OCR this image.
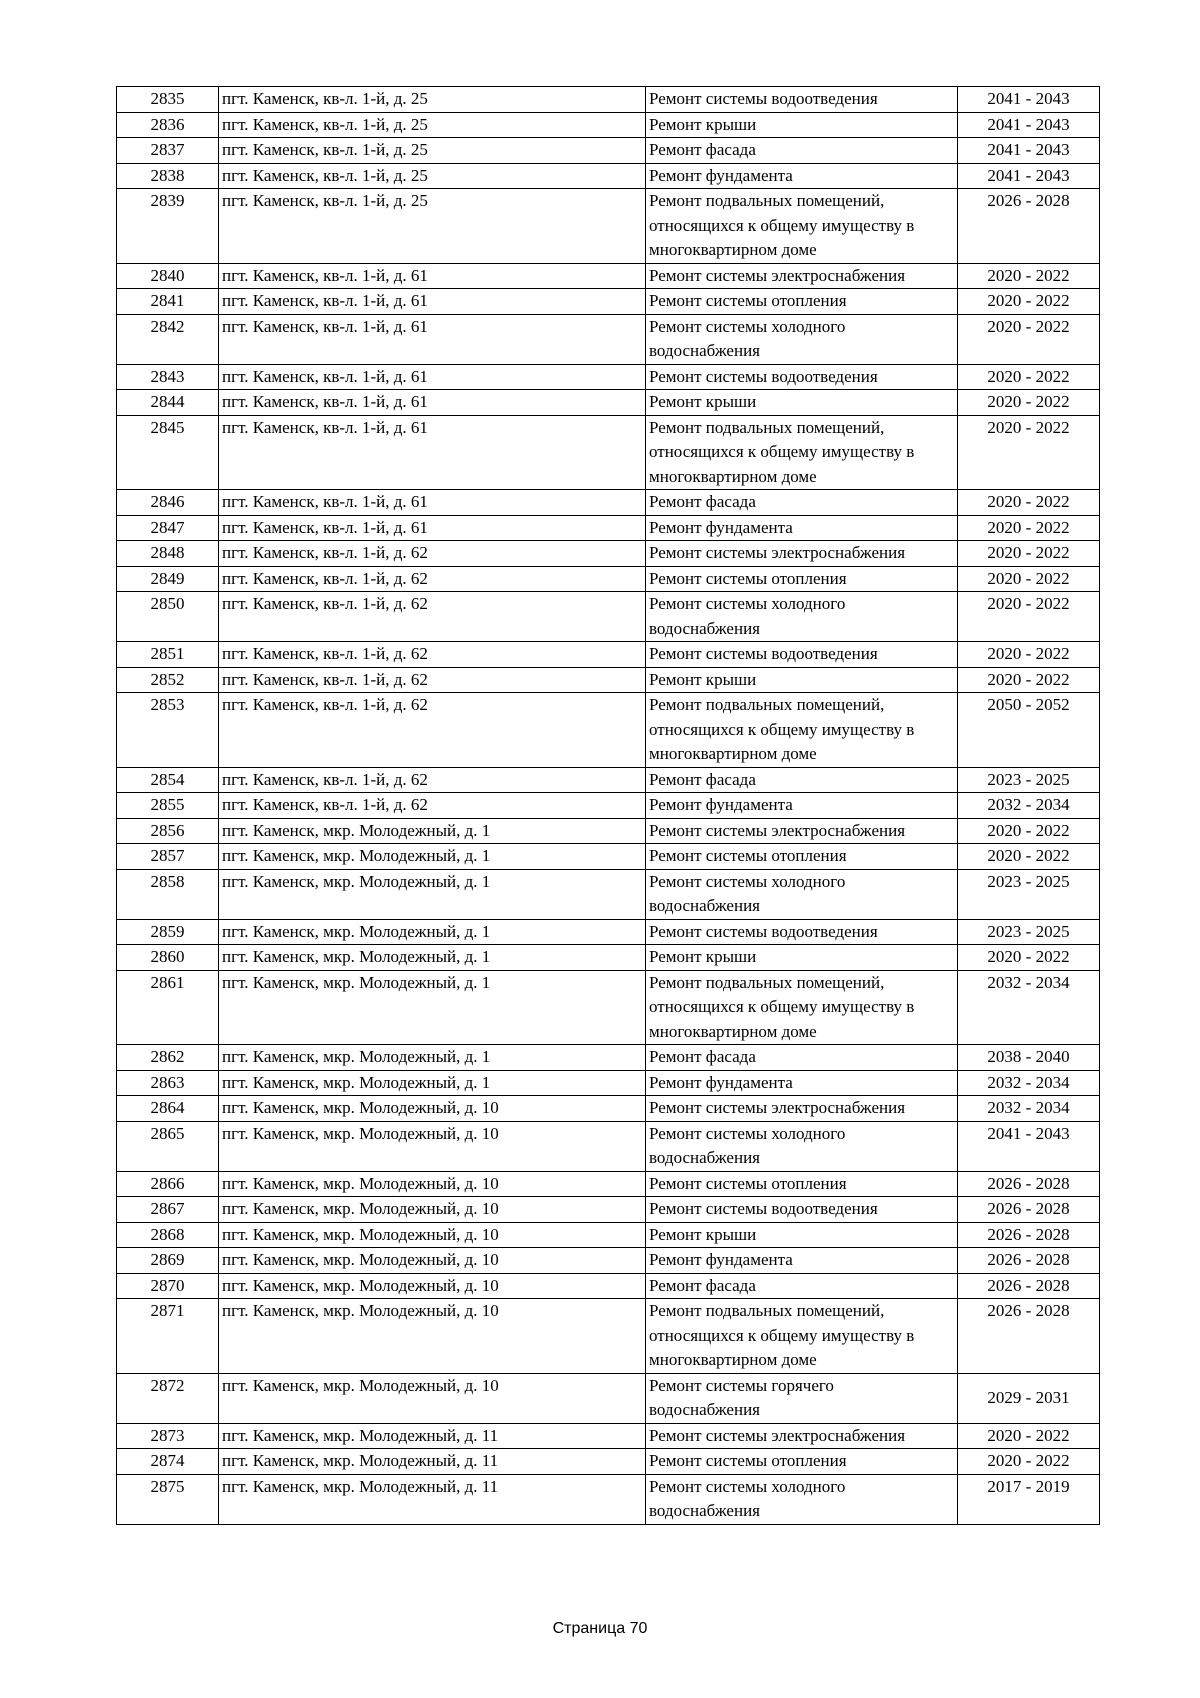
2835	пгт. Каменск, кв-л. 1-й, д. 25	Ремонт системы водоотведения	2041 - 2043
2836	пгт. Каменск, кв-л. 1-й, д. 25	Ремонт крыши	2041 - 2043
2837	пгт. Каменск, кв-л. 1-й, д. 25	Ремонт фасада	2041 - 2043
2838	пгт. Каменск, кв-л. 1-й, д. 25	Ремонт фундамента	2041 - 2043
2839	пгт. Каменск, кв-л. 1-й, д. 25	Ремонт подвальных помещений,
относящихся к общему имуществу в
многоквартирном доме	2026 - 2028
2840	пгт. Каменск, кв-л. 1-й, д. 61	Ремонт системы электроснабжения	2020 - 2022
2841	пгт. Каменск, кв-л. 1-й, д. 61	Ремонт системы отопления	2020 - 2022
2842	пгт. Каменск, кв-л. 1-й, д. 61	Ремонт системы холодного
водоснабжения	2020 - 2022
2843	пгт. Каменск, кв-л. 1-й, д. 61	Ремонт системы водоотведения	2020 - 2022
2844	пгт. Каменск, кв-л. 1-й, д. 61	Ремонт крыши	2020 - 2022
2845	пгт. Каменск, кв-л. 1-й, д. 61	Ремонт подвальных помещений,
относящихся к общему имуществу в
многоквартирном доме	2020 - 2022
2846	пгт. Каменск, кв-л. 1-й, д. 61	Ремонт фасада	2020 - 2022
2847	пгт. Каменск, кв-л. 1-й, д. 61	Ремонт фундамента	2020 - 2022
2848	пгт. Каменск, кв-л. 1-й, д. 62	Ремонт системы электроснабжения	2020 - 2022
2849	пгт. Каменск, кв-л. 1-й, д. 62	Ремонт системы отопления	2020 - 2022
2850	пгт. Каменск, кв-л. 1-й, д. 62	Ремонт системы холодного
водоснабжения	2020 - 2022
2851	пгт. Каменск, кв-л. 1-й, д. 62	Ремонт системы водоотведения	2020 - 2022
2852	пгт. Каменск, кв-л. 1-й, д. 62	Ремонт крыши	2020 - 2022
2853	пгт. Каменск, кв-л. 1-й, д. 62	Ремонт подвальных помещений,
относящихся к общему имуществу в
многоквартирном доме	2050 - 2052
2854	пгт. Каменск, кв-л. 1-й, д. 62	Ремонт фасада	2023 - 2025
2855	пгт. Каменск, кв-л. 1-й, д. 62	Ремонт фундамента	2032 - 2034
2856	пгт. Каменск, мкр. Молодежный, д. 1	Ремонт системы электроснабжения	2020 - 2022
2857	пгт. Каменск, мкр. Молодежный, д. 1	Ремонт системы отопления	2020 - 2022
2858	пгт. Каменск, мкр. Молодежный, д. 1	Ремонт системы холодного
водоснабжения	2023 - 2025
2859	пгт. Каменск, мкр. Молодежный, д. 1	Ремонт системы водоотведения	2023 - 2025
2860	пгт. Каменск, мкр. Молодежный, д. 1	Ремонт крыши	2020 - 2022
2861	пгт. Каменск, мкр. Молодежный, д. 1	Ремонт подвальных помещений,
относящихся к общему имуществу в
многоквартирном доме	2032 - 2034
2862	пгт. Каменск, мкр. Молодежный, д. 1	Ремонт фасада	2038 - 2040
2863	пгт. Каменск, мкр. Молодежный, д. 1	Ремонт фундамента	2032 - 2034
2864	пгт. Каменск, мкр. Молодежный, д. 10	Ремонт системы электроснабжения	2032 - 2034
2865	пгт. Каменск, мкр. Молодежный, д. 10	Ремонт системы холодного
водоснабжения	2041 - 2043
2866	пгт. Каменск, мкр. Молодежный, д. 10	Ремонт системы отопления	2026 - 2028
2867	пгт. Каменск, мкр. Молодежный, д. 10	Ремонт системы водоотведения	2026 - 2028
2868	пгт. Каменск, мкр. Молодежный, д. 10	Ремонт крыши	2026 - 2028
2869	пгт. Каменск, мкр. Молодежный, д. 10	Ремонт фундамента	2026 - 2028
2870	пгт. Каменск, мкр. Молодежный, д. 10	Ремонт фасада	2026 - 2028
2871	пгт. Каменск, мкр. Молодежный, д. 10	Ремонт подвальных помещений,
относящихся к общему имуществу в
многоквартирном доме	2026 - 2028
2872	пгт. Каменск, мкр. Молодежный, д. 10	Ремонт системы горячего
водоснабжения	2029 - 2031
2873	пгт. Каменск, мкр. Молодежный, д. 11	Ремонт системы электроснабжения	2020 - 2022
2874	пгт. Каменск, мкр. Молодежный, д. 11	Ремонт системы отопления	2020 - 2022
2875	пгт. Каменск, мкр. Молодежный, д. 11	Ремонт системы холодного
водоснабжения	2017 - 2019
Страница 70
